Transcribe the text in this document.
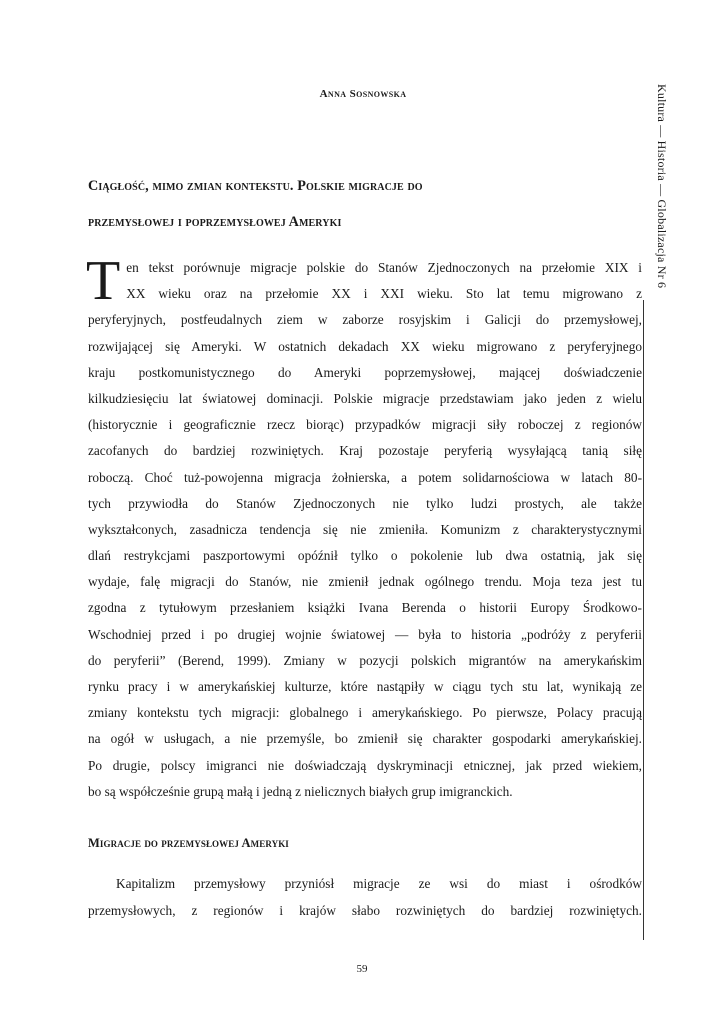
Anna Sosnowska
Ciągłość, mimo zmian kontekstu. Polskie migracje do
przemysłowej i poprzemysłowej Ameryki	Kultura — Historia — Globalizacja Nr 6
T en tekst porównuje migracje polskie do Stanów Zjednoczonych na przełomie XIX i
XX wieku oraz na przełomie XX i XXI wieku. Sto lat temu migrowano z
peryferyjnych, postfeudalnych ziem w zaborze rosyjskim i Galicji do przemysłowej,
rozwijającej się Ameryki. W ostatnich dekadach XX wieku migrowano z peryferyjnego
kraju postkomunistycznego do Ameryki poprzemysłowej, mającej doświadczenie
kilkudziesięciu lat światowej dominacji. Polskie migracje przedstawiam jako jeden z wielu
(historycznie i geograficznie rzecz biorąc) przypadków migracji siły roboczej z regionów
zacofanych do bardziej rozwiniętych. Kraj pozostaje peryferią wysyłającą tanią siłę
roboczą. Choć tuż-powojenna migracja żołnierska, a potem solidarnościowa w latach 80-
tych przywiodła do Stanów Zjednoczonych nie tylko ludzi prostych, ale także
wykształconych, zasadnicza tendencja się nie zmieniła. Komunizm z charakterystycznymi
dlań restrykcjami paszportowymi opóźnił tylko o pokolenie lub dwa ostatnią, jak się
wydaje, falę migracji do Stanów, nie zmienił jednak ogólnego trendu. Moja teza jest tu
zgodna z tytułowym przesłaniem książki Ivana Berenda o historii Europy Środkowo-
Wschodniej przed i po drugiej wojnie światowej — była to historia „podróży z peryferii
do peryferii” (Berend, 1999). Zmiany w pozycji polskich migrantów na amerykańskim
rynku pracy i w amerykańskiej kulturze, które nastąpiły w ciągu tych stu lat, wynikają ze
zmiany kontekstu tych migracji: globalnego i amerykańskiego. Po pierwsze, Polacy pracują
na ogół w usługach, a nie przemyśle, bo zmienił się charakter gospodarki amerykańskiej.
Po drugie, polscy imigranci nie doświadczają dyskryminacji etnicznej, jak przed wiekiem,
bo są współcześnie grupą małą i jedną z nielicznych białych grup imigranckich.
Migracje do przemysłowej Ameryki
Kapitalizm przemysłowy przyniósł migracje ze wsi do miast i ośrodków
przemysłowych, z regionów i krajów słabo rozwiniętych do bardziej rozwiniętych.
59
